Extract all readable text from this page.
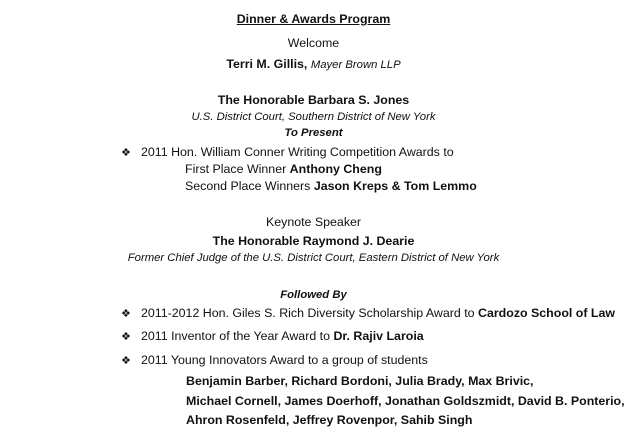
Dinner & Awards Program
Welcome
Terri M. Gillis, Mayer Brown LLP
The Honorable Barbara S. Jones
U.S. District Court, Southern District of New York
To Present
❖ 2011 Hon. William Conner Writing Competition Awards to
First Place Winner Anthony Cheng
Second Place Winners Jason Kreps & Tom Lemmo
Keynote Speaker
The Honorable Raymond J. Dearie
Former Chief Judge of the U.S. District Court, Eastern District of New York
Followed By
❖ 2011-2012 Hon. Giles S. Rich Diversity Scholarship Award to Cardozo School of Law
❖ 2011 Inventor of the Year Award to Dr. Rajiv Laroia
❖ 2011 Young Innovators Award to a group of students
Benjamin Barber, Richard Bordoni, Julia Brady, Max Brivic,
Michael Cornell, James Doerhoff, Jonathan Goldszmidt, David B. Ponterio,
Ahron Rosenfeld, Jeffrey Rovenpor, Sahib Singh
